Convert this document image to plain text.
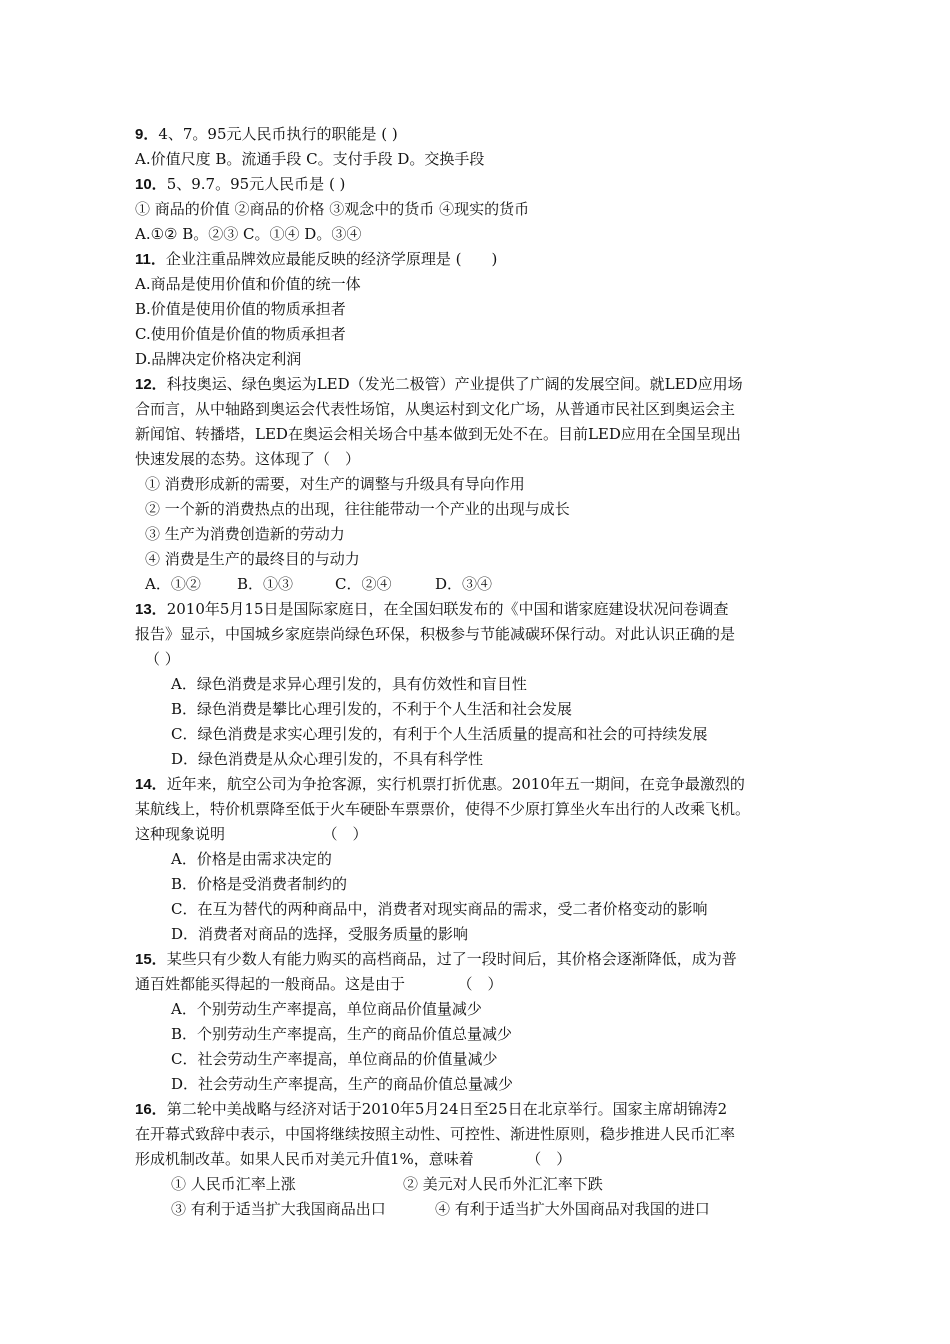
9．4、7。95元人民币执行的职能是 ( )
A.价值尺度 B。流通手段 C。支付手段 D。交换手段
10．5、9.7。95元人民币是 ( )
① 商品的价值 ②商品的价格 ③观念中的货币 ④现实的货币
A.①② B。②③ C。①④ D。③④
11．企业注重品牌效应最能反映的经济学原理是 (　　)
A.商品是使用价值和价值的统一体
B.价值是使用价值的物质承担者
C.使用价值是价值的物质承担者
D.品牌决定价格决定利润
12．科技奥运、绿色奥运为LED（发光二极管）产业提供了广阔的发展空间。就LED应用场
合而言，从中轴路到奥运会代表性场馆，从奥运村到文化广场，从普通市民社区到奥运会主
新闻馆、转播塔，LED在奥运会相关场合中基本做到无处不在。目前LED应用在全国呈现出
快速发展的态势。这体现了（　）
① 消费形成新的需要，对生产的调整与升级具有导向作用
② 一个新的消费热点的出现，往往能带动一个产业的出现与成长
③ 生产为消费创造新的劳动力
④ 消费是生产的最终目的与动力
A．①② B．①③	C．②④	D．③④
13．2010年5月15日是国际家庭日，在全国妇联发布的《中国和谐家庭建设状况问卷调查
报告》显示，中国城乡家庭崇尚绿色环保，积极参与节能减碳环保行动。对此认识正确的是
（ ）
A．绿色消费是求异心理引发的，具有仿效性和盲目性
B．绿色消费是攀比心理引发的，不利于个人生活和社会发展
C．绿色消费是求实心理引发的，有利于个人生活质量的提高和社会的可持续发展
D．绿色消费是从众心理引发的，不具有科学性
14．近年来，航空公司为争抢客源，实行机票打折优惠。2010年五一期间，在竞争最激烈的
某航线上，特价机票降至低于火车硬卧车票票价，使得不少原打算坐火车出行的人改乘飞机。
这种现象说明　　　　　　　（　）
A．价格是由需求决定的
B．价格是受消费者制约的
C．在互为替代的两种商品中，消费者对现实商品的需求，受二者价格变动的影响
D．消费者对商品的选择，受服务质量的影响
15．某些只有少数人有能力购买的高档商品，过了一段时间后，其价格会逐渐降低，成为普
通百姓都能买得起的一般商品。这是由于　　　　（　）
A．个别劳动生产率提高，单位商品价值量减少
B．个别劳动生产率提高，生产的商品价值总量减少
C．社会劳动生产率提高，单位商品的价值量减少
D．社会劳动生产率提高，生产的商品价值总量减少
16．第二轮中美战略与经济对话于2010年5月24日至25日在北京举行。国家主席胡锦涛2
在开幕式致辞中表示，中国将继续按照主动性、可控性、渐进性原则，稳步推进人民币汇率
形成机制改革。如果人民币对美元升值1%，意味着　　　　（　）
① 人民币汇率上涨	② 美元对人民币外汇汇率下跌
③ 有利于适当扩大我国商品出口	④ 有利于适当扩大外国商品对我国的进口
